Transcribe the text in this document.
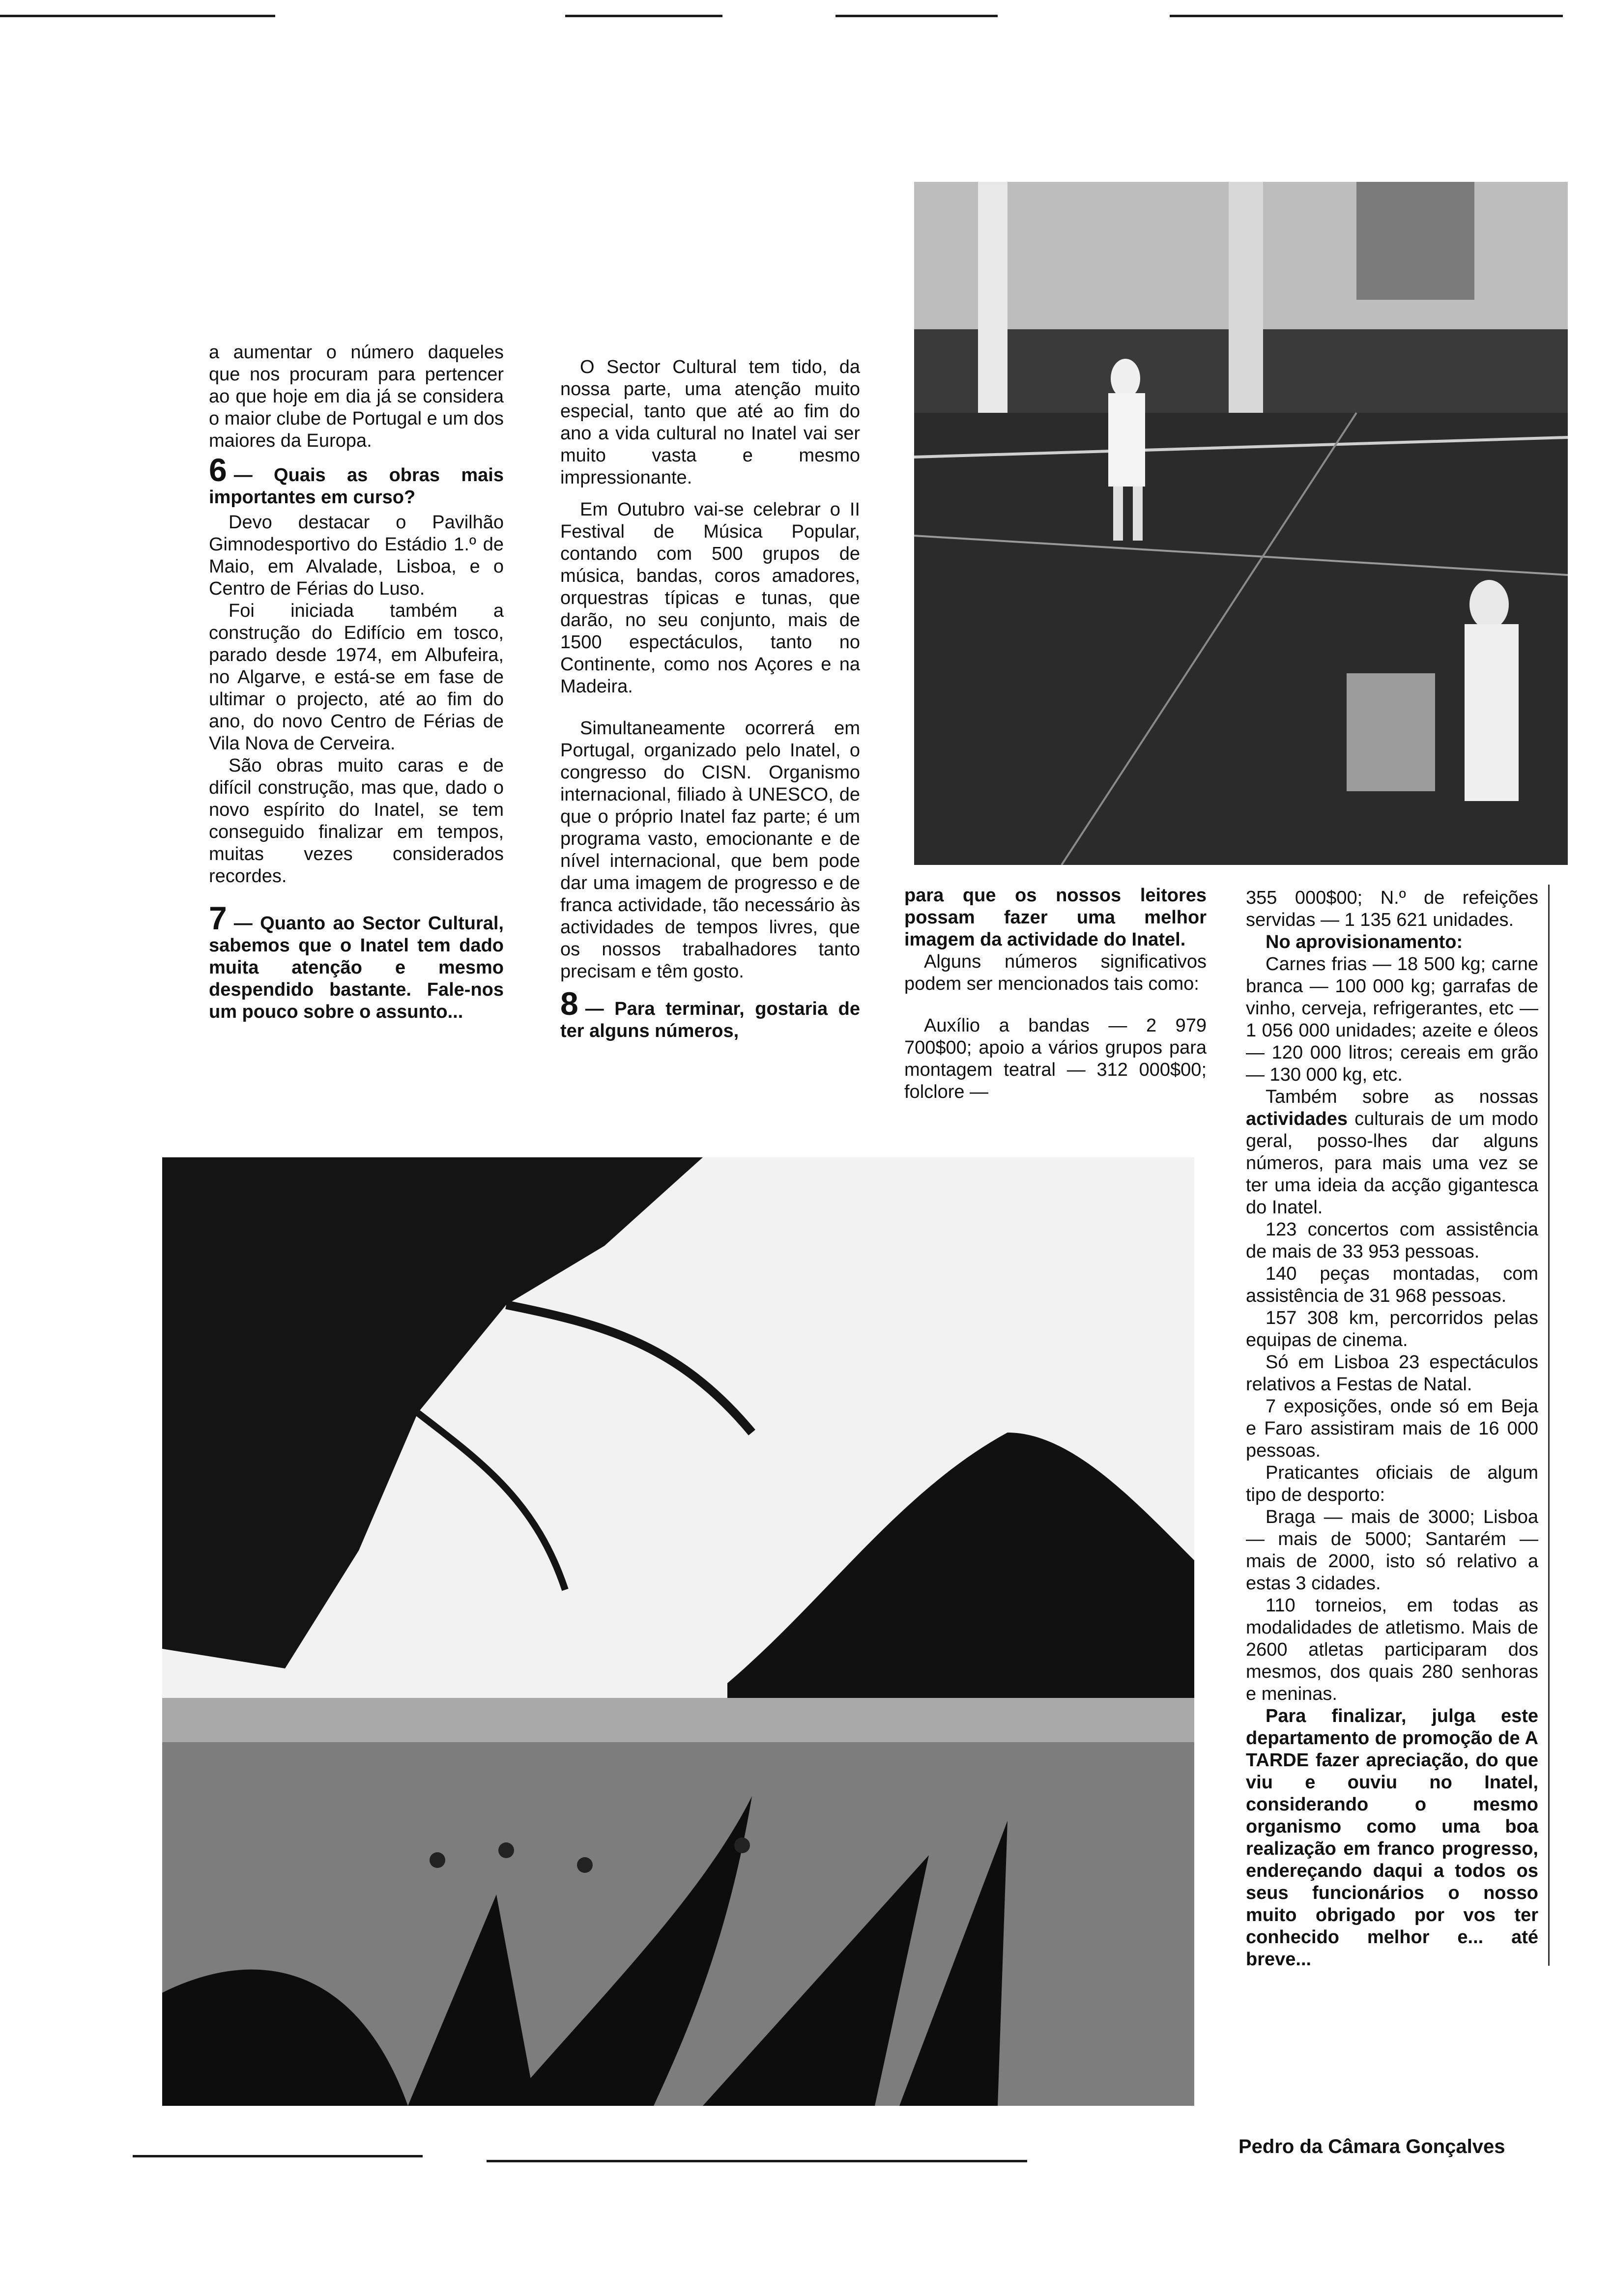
a aumentar o número daqueles que nos procuram para pertencer ao que hoje em dia já se considera o maior clube de Portugal e um dos maiores da Europa.

6 — Quais as obras mais importantes em curso?

Devo destacar o Pavilhão Gimnodesportivo do Estádio 1.º de Maio, em Alvalade, Lisboa, e o Centro de Férias do Luso.

Foi iniciada também a construção do Edifício em tosco, parado desde 1974, em Albufeira, no Algarve, e está-se em fase de ultimar o projecto, até ao fim do ano, do novo Centro de Férias de Vila Nova de Cerveira.

São obras muito caras e de difícil construção, mas que, dado o novo espírito do Inatel, se tem conseguido finalizar em tempos, muitas vezes considerados recordes.

7 — Quanto ao Sector Cultural, sabemos que o Inatel tem dado muita atenção e mesmo despendido bastante. Fale-nos um pouco sobre o assunto...

O Sector Cultural tem tido, da nossa parte, uma atenção muito especial, tanto que até ao fim do ano a vida cultural no Inatel vai ser muito vasta e mesmo impressionante.

Em Outubro vai-se celebrar o II Festival de Música Popular, contando com 500 grupos de música, bandas, coros amadores, orquestras típicas e tunas, que darão, no seu conjunto, mais de 1500 espectáculos, tanto no Continente, como nos Açores e na Madeira.

Simultaneamente ocorrerá em Portugal, organizado pelo Inatel, o congresso do CISN. Organismo internacional, filiado à UNESCO, de que o próprio Inatel faz parte; é um programa vasto, emocionante e de nível internacional, que bem pode dar uma imagem de progresso e de franca actividade, tão necessário às actividades de tempos livres, que os nossos trabalhadores tanto precisam e têm gosto.

8 — Para terminar, gostaria de ter alguns números,

para que os nossos leitores possam fazer uma melhor imagem da actividade do Inatel.

Alguns números significativos podem ser mencionados tais como:

Auxílio a bandas — 2 979 700$00; apoio a vários grupos para montagem teatral — 312 000$00; folclore —

355 000$00; N.º de refeições servidas — 1 135 621 unidades.

No aprovisionamento:

Carnes frias — 18 500 kg; carne branca — 100 000 kg; garrafas de vinho, cerveja, refrigerantes, etc — 1 056 000 unidades; azeite e óleos — 120 000 litros; cereais em grão — 130 000 kg, etc.

Também sobre as nossas actividades culturais de um modo geral, posso-lhes dar alguns números, para mais uma vez se ter uma ideia da acção gigantesca do Inatel.

123 concertos com assistência de mais de 33 953 pessoas.

140 peças montadas, com assistência de 31 968 pessoas.

157 308 km, percorridos pelas equipas de cinema.

Só em Lisboa 23 espectáculos relativos a Festas de Natal.

7 exposições, onde só em Beja e Faro assistiram mais de 16 000 pessoas.

Praticantes oficiais de algum tipo de desporto:

Braga — mais de 3000; Lisboa — mais de 5000; Santarém — mais de 2000, isto só relativo a estas 3 cidades.

110 torneios, em todas as modalidades de atletismo. Mais de 2600 atletas participaram dos mesmos, dos quais 280 senhoras e meninas.

Para finalizar, julga este departamento de promoção de A TARDE fazer apreciação, do que viu e ouviu no Inatel, considerando o mesmo organismo como uma boa realização em franco progresso, endereçando daqui a todos os seus funcionários o nosso muito obrigado por vos ter conhecido melhor e... até breve...

Pedro da Câmara Gonçalves
